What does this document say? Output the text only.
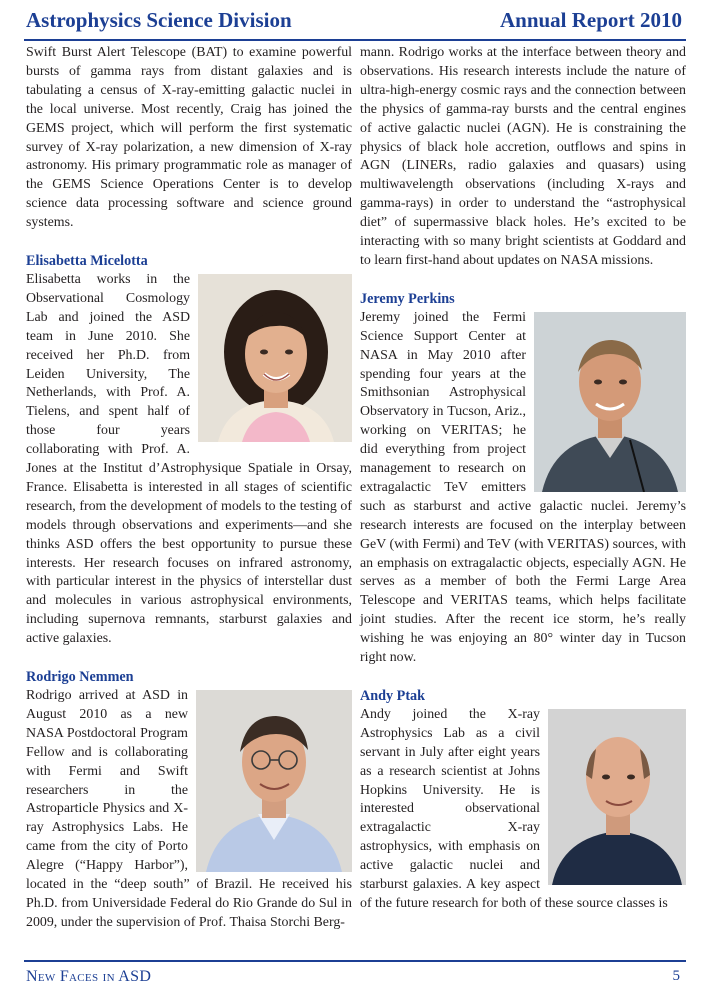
Astrophysics Science Division	Annual Report 2010

Swift Burst Alert Telescope (BAT) to examine powerful bursts of gamma rays from distant galaxies and is tabulating a census of X-ray-emitting galactic nuclei in the local universe. Most recently, Craig has joined the GEMS project, which will perform the first systematic survey of X-ray polarization, a new dimension of X-ray astronomy. His primary programmatic role as manager of the GEMS Science Operations Center is to develop science data processing software and science ground systems.

Elisabetta Micelotta

Elisabetta works in the Observational Cosmology Lab and joined the ASD team in June 2010. She received her Ph.D. from Leiden University, The Netherlands, with Prof. A. Tielens, and spent half of those four years collaborating with Prof. A. Jones at the Institut d’Astrophysique Spatiale in Orsay, France. Elisabetta is interested in all stages of scientific research, from the development of models to the testing of models through observations and experiments—and she thinks ASD offers the best opportunity to pursue these interests. Her research focuses on infrared astronomy, with particular interest in the physics of interstellar dust and molecules in various astrophysical environments, including supernova remnants, starburst galaxies and active galaxies.

Rodrigo Nemmen

Rodrigo arrived at ASD in August 2010 as a new NASA Postdoctoral Program Fellow and is collaborating with Fermi and Swift researchers in the Astroparticle Physics and X-ray Astrophysics Labs. He came from the city of Porto Alegre (“Happy Harbor”), located in the “deep south” of Brazil. He received his Ph.D. from Universidade Federal do Rio Grande do Sul in 2009, under the supervision of Prof. Thaisa Storchi Berg-

mann. Rodrigo works at the interface between theory and observations. His research interests include the nature of ultra-high-energy cosmic rays and the connection between the physics of gamma-ray bursts and the central engines of active galactic nuclei (AGN). He is constraining the physics of black hole accretion, outflows and spins in AGN (LINERs, radio galaxies and quasars) using multiwavelength observations (including X-rays and gamma-rays) in order to understand the “astrophysical diet” of supermassive black holes. He’s excited to be interacting with so many bright scientists at Goddard and to learn first-hand about updates on NASA missions.

Jeremy Perkins

Jeremy joined the Fermi Science Support Center at NASA in May 2010 after spending four years at the Smithsonian Astrophysical Observatory in Tucson, Ariz., working on VERITAS; he did everything from project management to research on extragalactic TeV emitters such as starburst and active galactic nuclei. Jeremy’s research interests are focused on the interplay between GeV (with Fermi) and TeV (with VERITAS) sources, with an emphasis on extragalactic objects, especially AGN. He serves as a member of both the Fermi Large Area Telescope and VERITAS teams, which helps facilitate joint studies. After the recent ice storm, he’s really wishing he was enjoying an 80° winter day in Tucson right now.

Andy Ptak

Andy joined the X-ray Astrophysics Lab as a civil servant in July after eight years as a research scientist at Johns Hopkins University. He is interested observational extragalactic X-ray astrophysics, with emphasis on active galactic nuclei and starburst galaxies. A key aspect of the future research for both of these source classes is

New Faces in ASD	5
